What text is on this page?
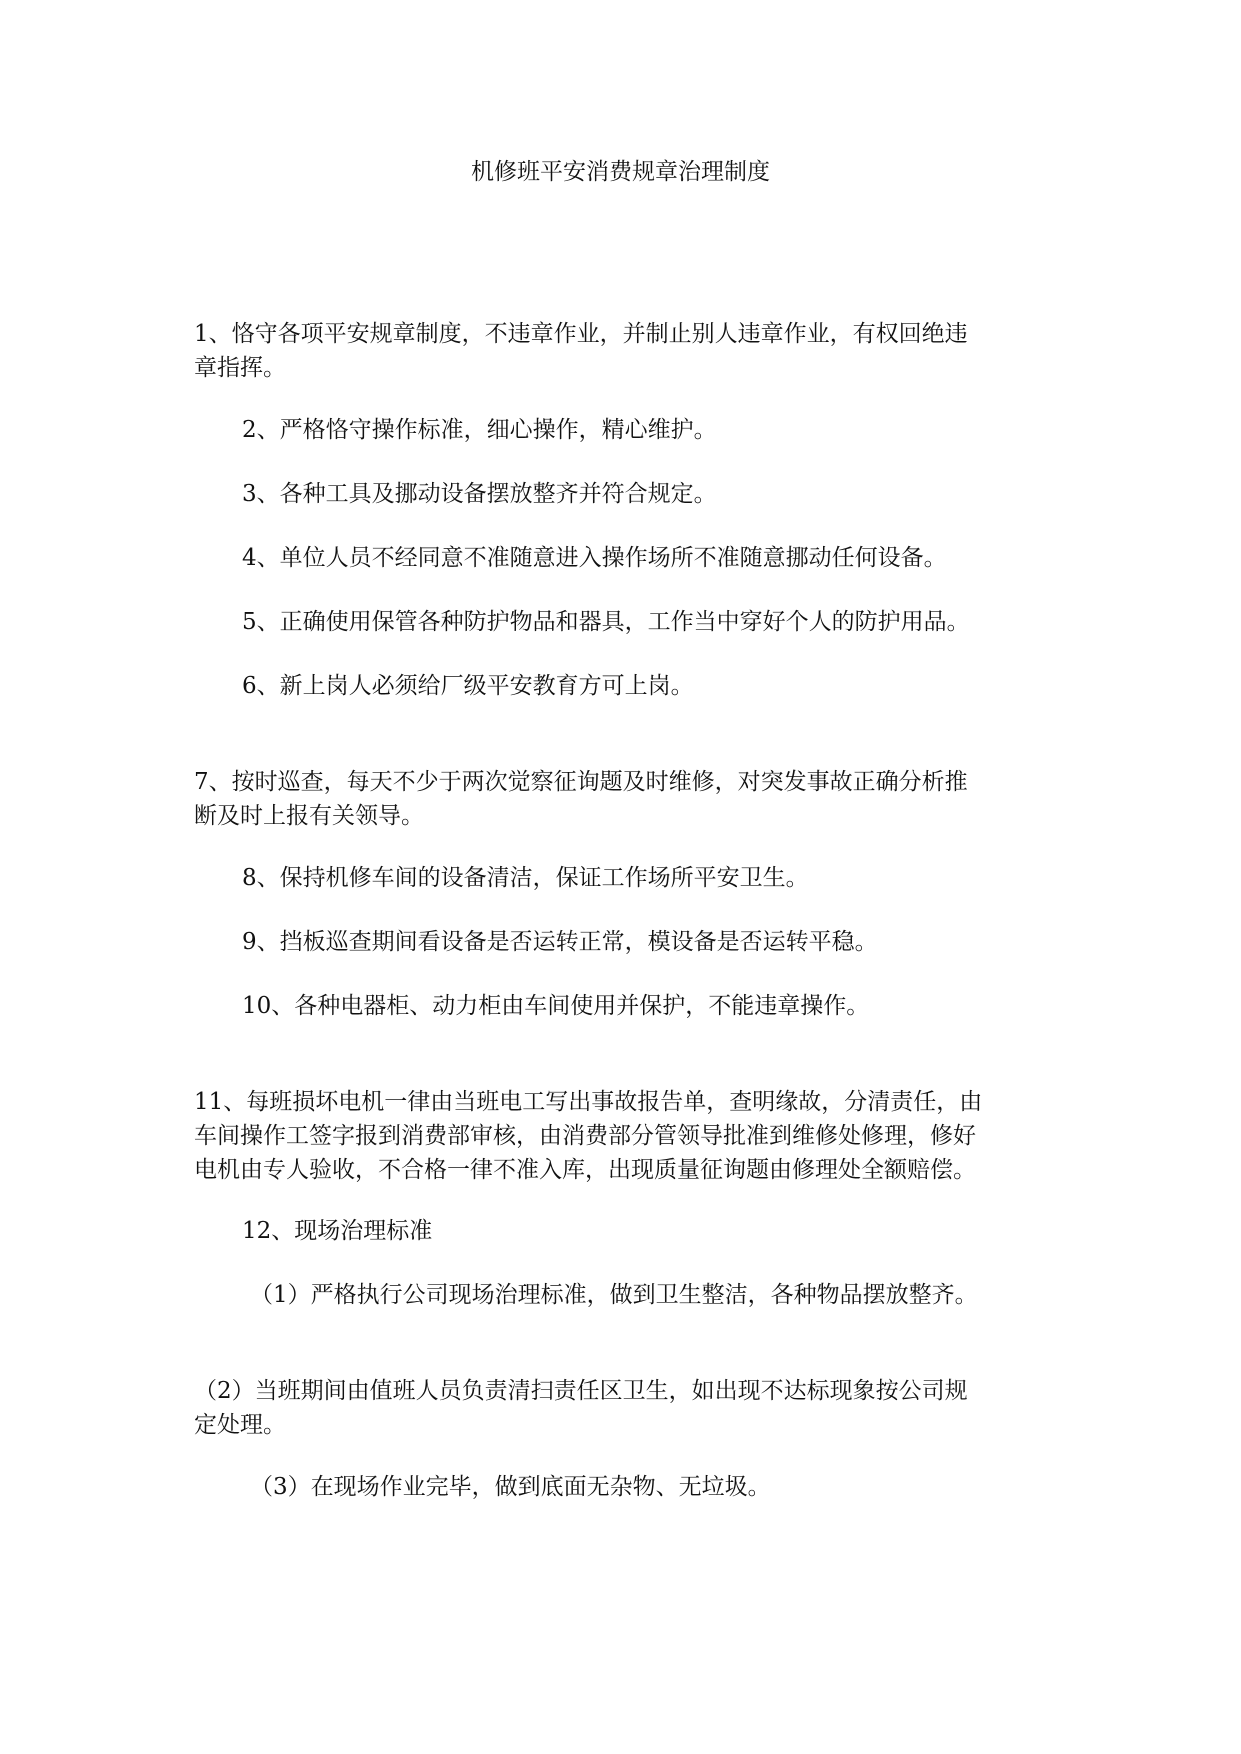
机修班平安消费规章治理制度

1、恪守各项平安规章制度，不违章作业，并制止别人违章作业，有权回绝违
章指挥。

2、严格恪守操作标准，细心操作，精心维护。

3、各种工具及挪动设备摆放整齐并符合规定。

4、单位人员不经同意不准随意进入操作场所不准随意挪动任何设备。

5、正确使用保管各种防护物品和器具，工作当中穿好个人的防护用品。

6、新上岗人必须给厂级平安教育方可上岗。

7、按时巡查，每天不少于两次觉察征询题及时维修，对突发事故正确分析推
断及时上报有关领导。

8、保持机修车间的设备清洁，保证工作场所平安卫生。

9、挡板巡查期间看设备是否运转正常，模设备是否运转平稳。

10、各种电器柜、动力柜由车间使用并保护，不能违章操作。

11、每班损坏电机一律由当班电工写出事故报告单，查明缘故，分清责任，由
车间操作工签字报到消费部审核，由消费部分管领导批准到维修处修理，修好
电机由专人验收，不合格一律不准入库，出现质量征询题由修理处全额赔偿。

12、现场治理标准

（1）严格执行公司现场治理标准，做到卫生整洁，各种物品摆放整齐。

（2）当班期间由值班人员负责清扫责任区卫生，如出现不达标现象按公司规
定处理。

（3）在现场作业完毕，做到底面无杂物、无垃圾。
